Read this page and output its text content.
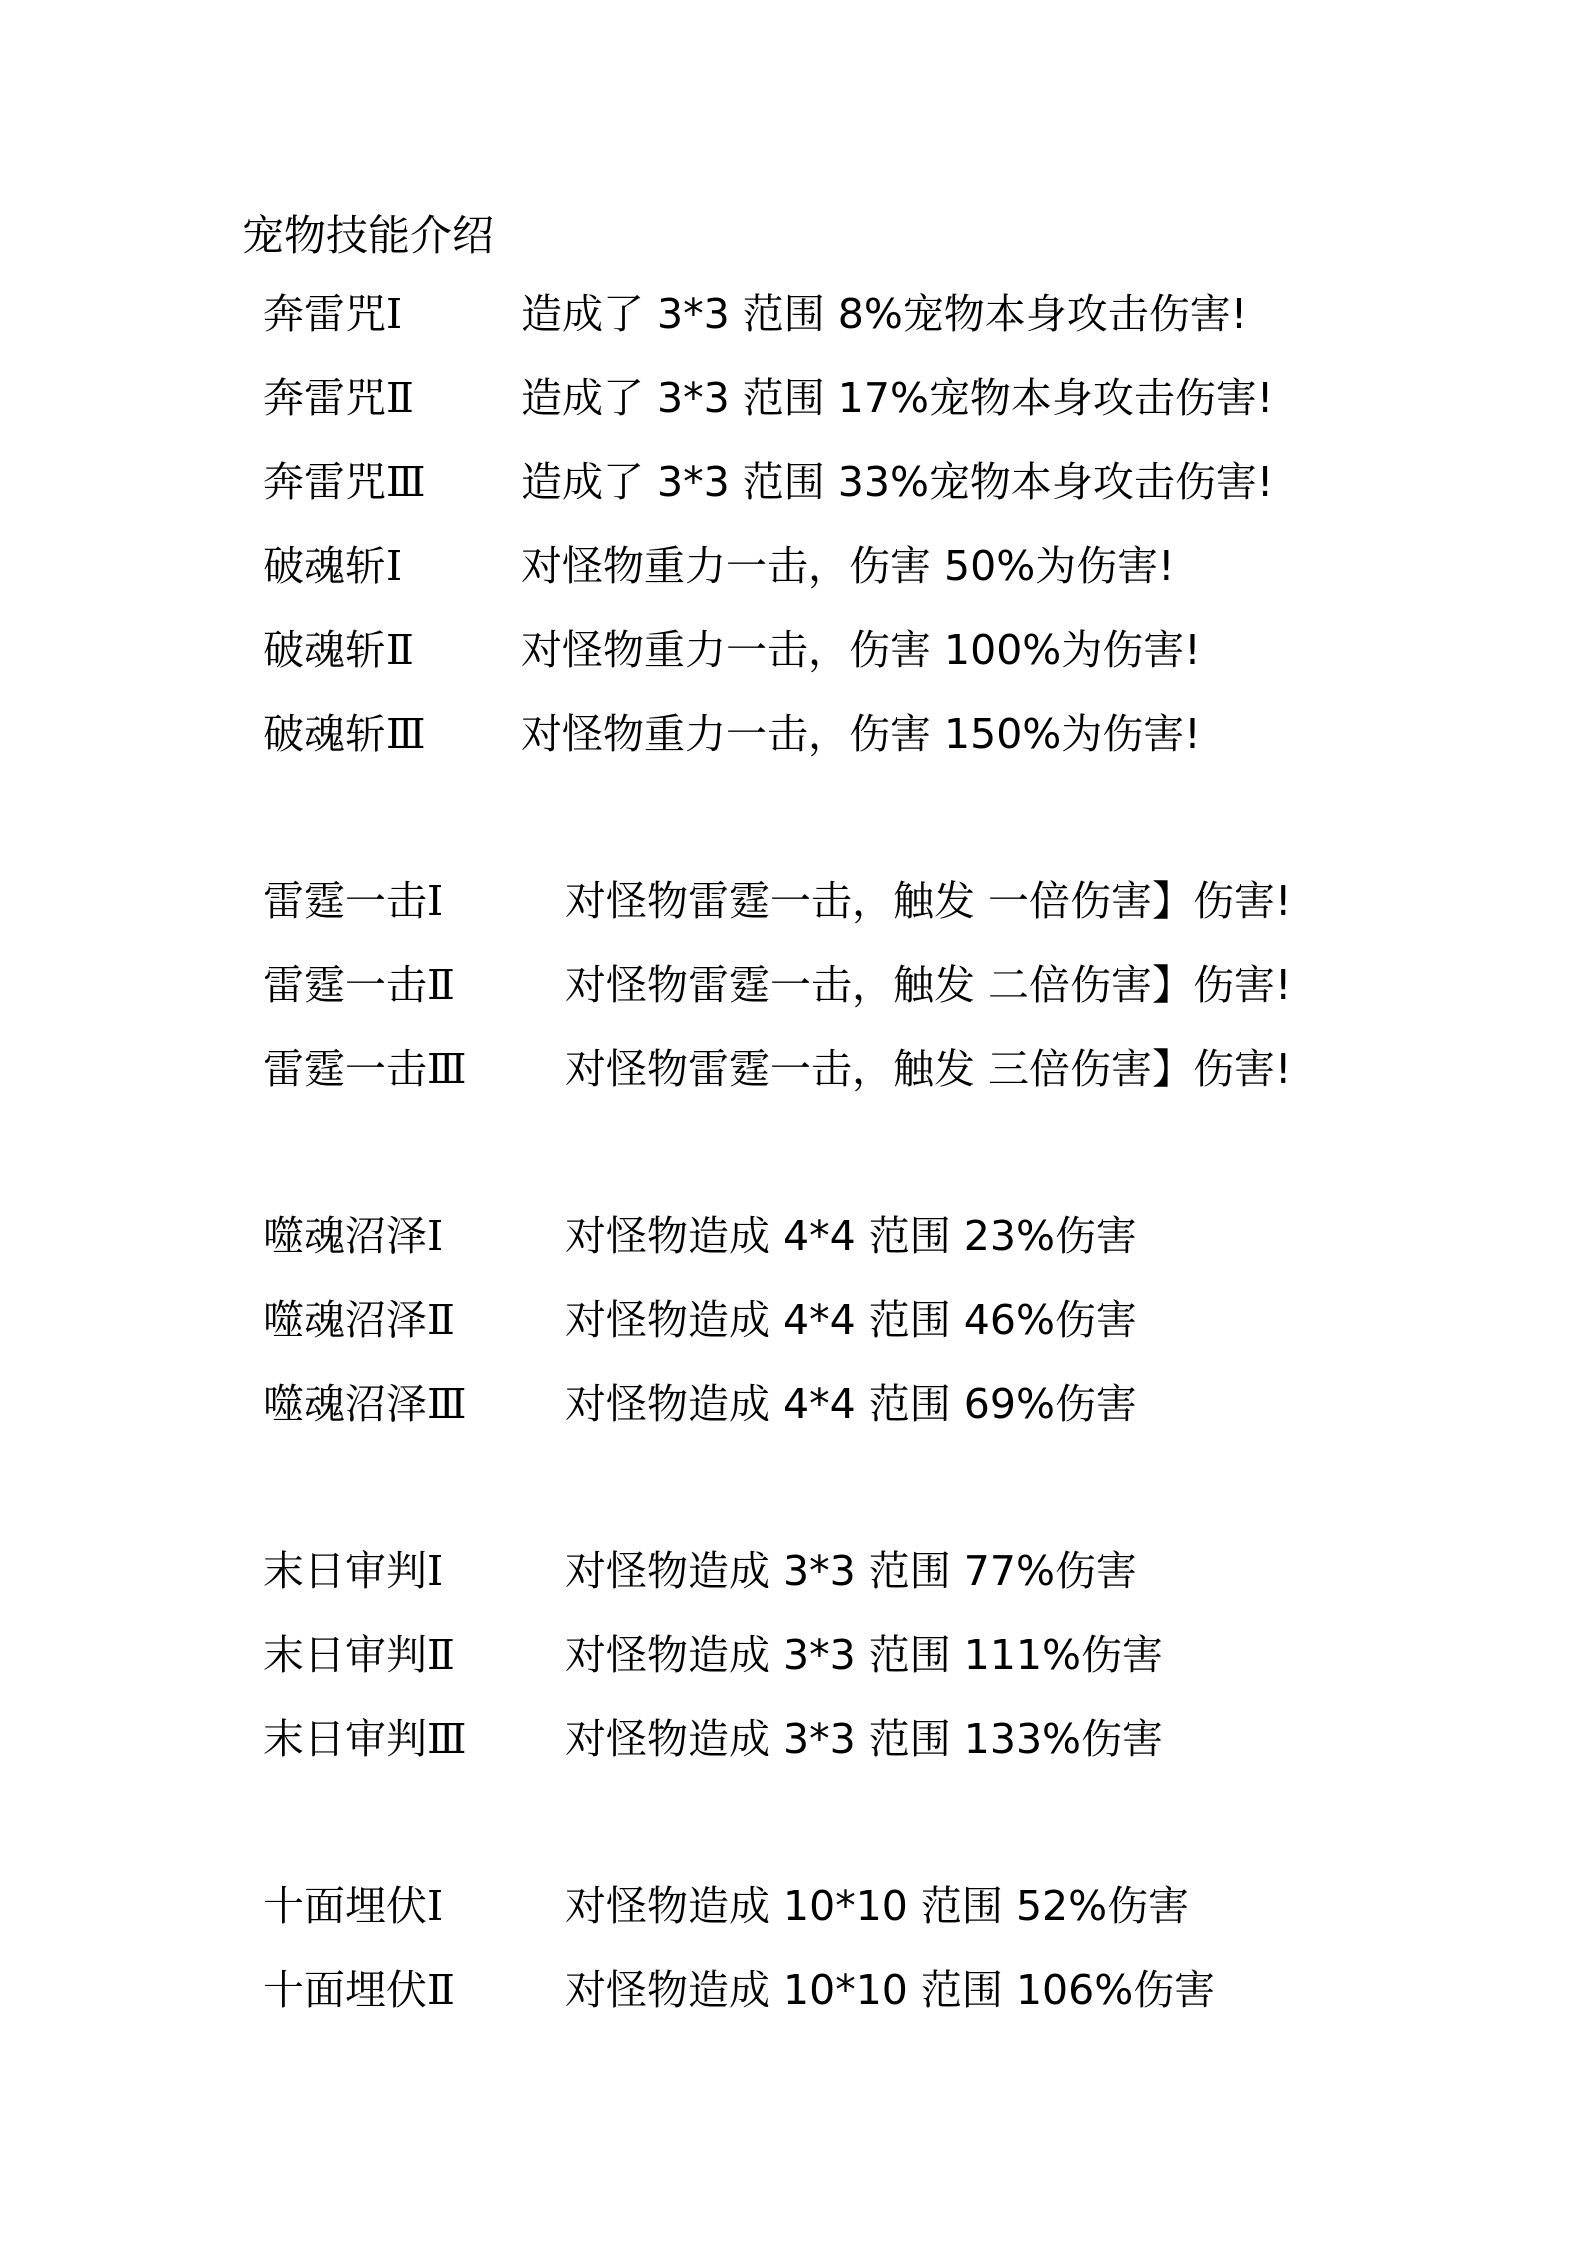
宠物技能介绍
奔雷咒Ⅰ	造成了 3*3 范围 8%宠物本身攻击伤害!
奔雷咒Ⅱ	造成了 3*3 范围 17%宠物本身攻击伤害!
奔雷咒Ⅲ 造成了 3*3 范围 33%宠物本身攻击伤害!
破魂斩Ⅰ	对怪物重力一击，伤害 50%为伤害!
破魂斩Ⅱ	对怪物重力一击，伤害 100%为伤害!
破魂斩Ⅲ 对怪物重力一击，伤害 150%为伤害!
雷霆一击Ⅰ	对怪物雷霆一击，触发 一倍伤害】伤害!
雷霆一击Ⅱ	对怪物雷霆一击，触发 二倍伤害】伤害!
雷霆一击Ⅲ 对怪物雷霆一击，触发 三倍伤害】伤害!
噬魂沼泽Ⅰ	对怪物造成 4*4 范围 23%伤害
噬魂沼泽Ⅱ	对怪物造成 4*4 范围 46%伤害
噬魂沼泽Ⅲ 对怪物造成 4*4 范围 69%伤害
末日审判Ⅰ	对怪物造成 3*3 范围 77%伤害
末日审判Ⅱ	对怪物造成 3*3 范围 111%伤害
末日审判Ⅲ 对怪物造成 3*3 范围 133%伤害
十面埋伏Ⅰ	对怪物造成 10*10 范围 52%伤害
十面埋伏Ⅱ	对怪物造成 10*10 范围 106%伤害
